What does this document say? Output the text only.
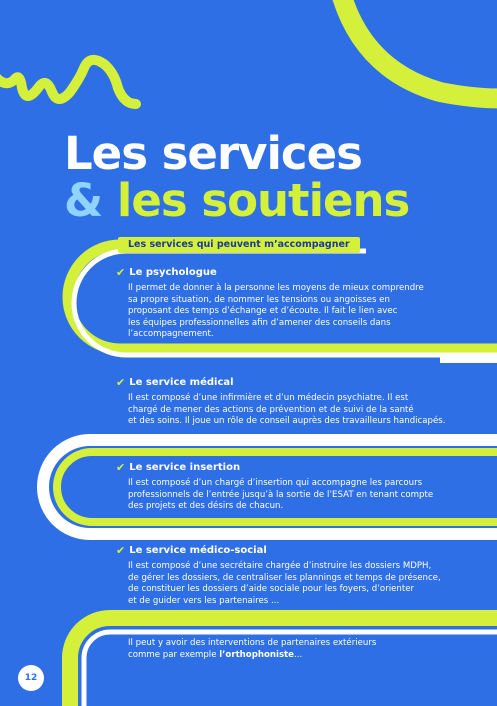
Les services
& les soutiens
Les services qui peuvent m’accompagner
✔ Le psychologue
Il permet de donner à la personne les moyens de mieux comprendre
sa propre situation, de nommer les tensions ou angoisses en
proposant des temps d’échange et d’écoute. Il fait le lien avec
les équipes professionnelles afin d’amener des conseils dans
l’accompagnement.
✔ Le service médical
Il est composé d’une infirmière et d’un médecin psychiatre. Il est
chargé de mener des actions de prévention et de suivi de la santé
et des soins. Il joue un rôle de conseil auprès des travailleurs handicapés.
✔ Le service insertion
Il est composé d’un chargé d’insertion qui accompagne les parcours
professionnels de l’entrée jusqu’à la sortie de l’ESAT en tenant compte
des projets et des désirs de chacun.
✔ Le service médico-social
Il est composé d’une secrétaire chargée d’instruire les dossiers MDPH,
de gérer les dossiers, de centraliser les plannings et temps de présence,
de constituer les dossiers d’aide sociale pour les foyers, d’orienter
et de guider vers les partenaires ...
Il peut y avoir des interventions de partenaires extérieurs
comme par exemple l’orthophoniste...
12
